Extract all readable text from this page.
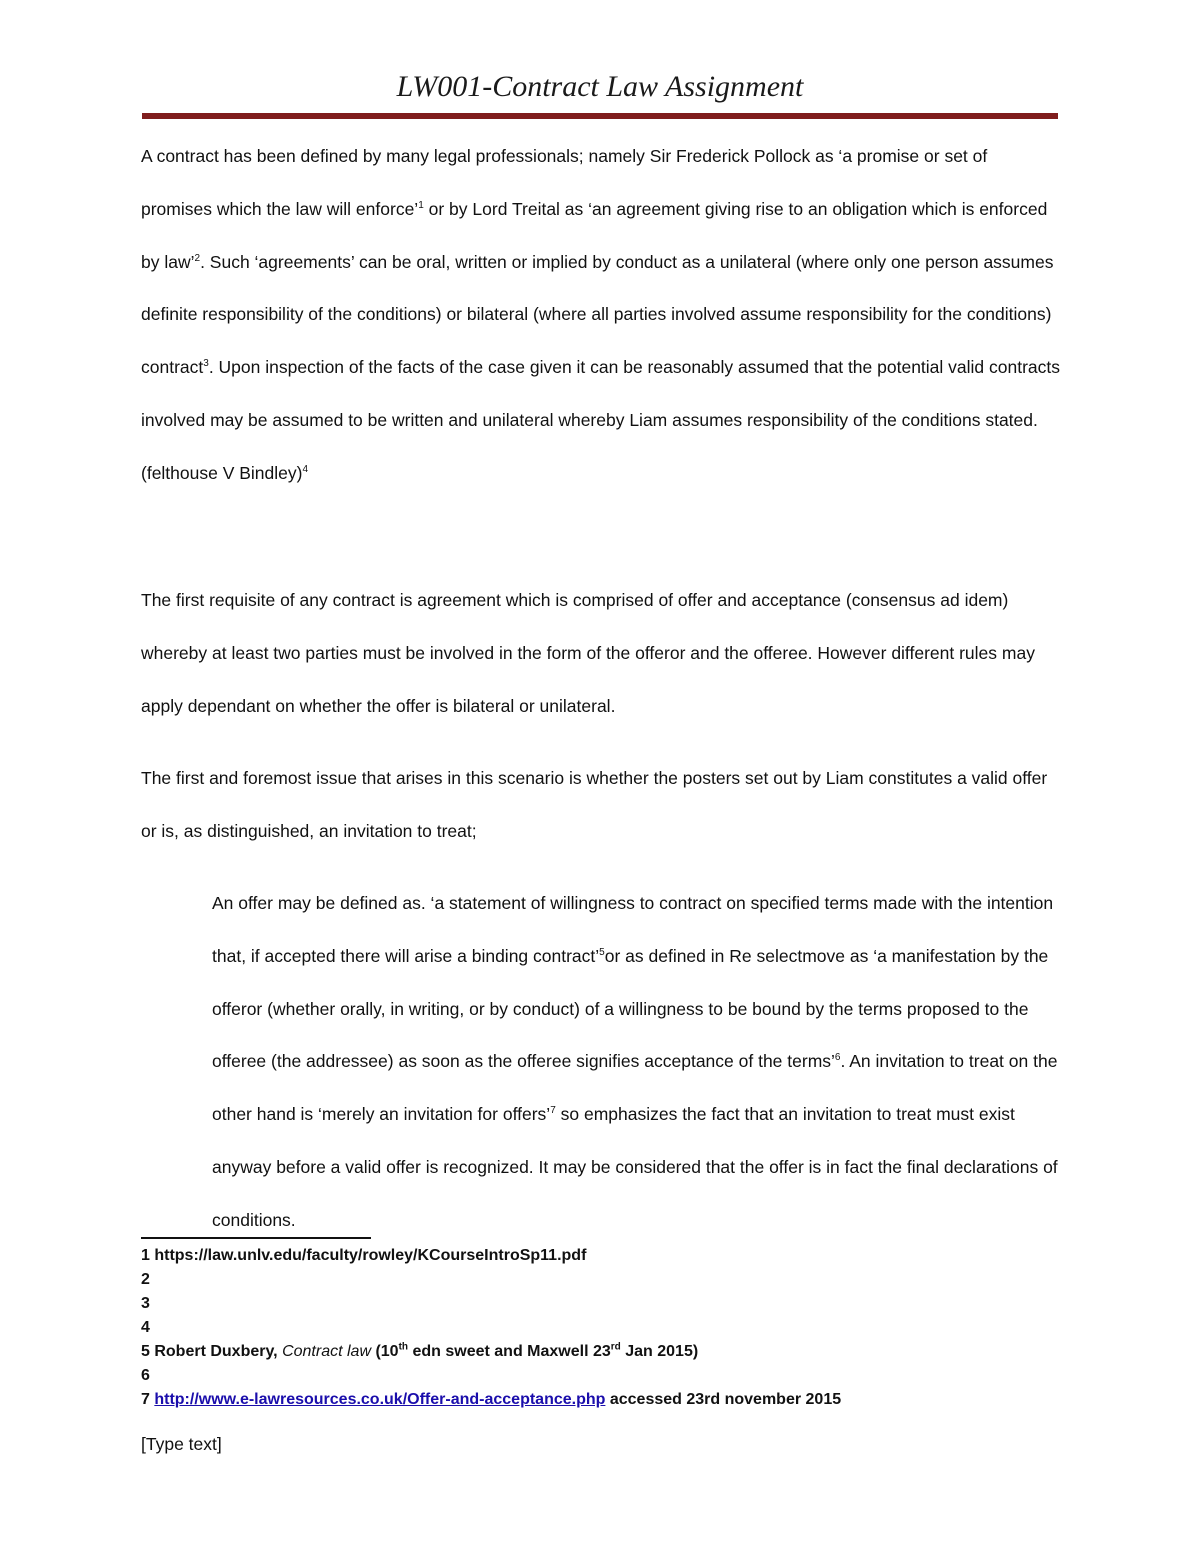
LW001-Contract Law Assignment

A contract has been defined by many legal professionals; namely Sir Frederick Pollock as ‘a promise or set of promises which the law will enforce’$^1$ or by Lord Treital as ‘an agreement giving rise to an obligation which is enforced by law’$^2$. Such ‘agreements’ can be oral, written or implied by conduct as a unilateral (where only one person assumes definite responsibility of the conditions) or bilateral (where all parties involved assume responsibility for the conditions) contract$^3$. Upon inspection of the facts of the case given it can be reasonably assumed that the potential valid contracts involved may be assumed to be written and unilateral whereby Liam assumes responsibility of the conditions stated. (felthouse V Bindley)$^4$

The first requisite of any contract is agreement which is comprised of offer and acceptance (consensus ad idem) whereby at least two parties must be involved in the form of the offeror and the offeree. However different rules may apply dependant on whether the offer is bilateral or unilateral.

The first and foremost issue that arises in this scenario is whether the posters set out by Liam constitutes a valid offer or is, as distinguished, an invitation to treat;

An offer may be defined as. ‘a statement of willingness to contract on specified terms made with the intention that, if accepted there will arise a binding contract’$^5$or as defined in Re selectmove as ‘a manifestation by the offeror (whether orally, in writing, or by conduct) of a willingness to be bound by the terms proposed to the offeree (the addressee) as soon as the offeree signifies acceptance of the terms’$^6$. An invitation to treat on the other hand is ‘merely an invitation for offers’$^7$ so emphasizes the fact that an invitation to treat must exist anyway before a valid offer is recognized. It may be considered that the offer is in fact the final declarations of conditions.

1 https://law.unlv.edu/faculty/rowley/KCourseIntroSp11.pdf
2
3
4
5 Robert Duxbery, Contract law (10th edn sweet and Maxwell 23rd Jan 2015)
6
7 http://www.e-lawresources.co.uk/Offer-and-acceptance.php accessed 23rd november 2015
[Type text]
